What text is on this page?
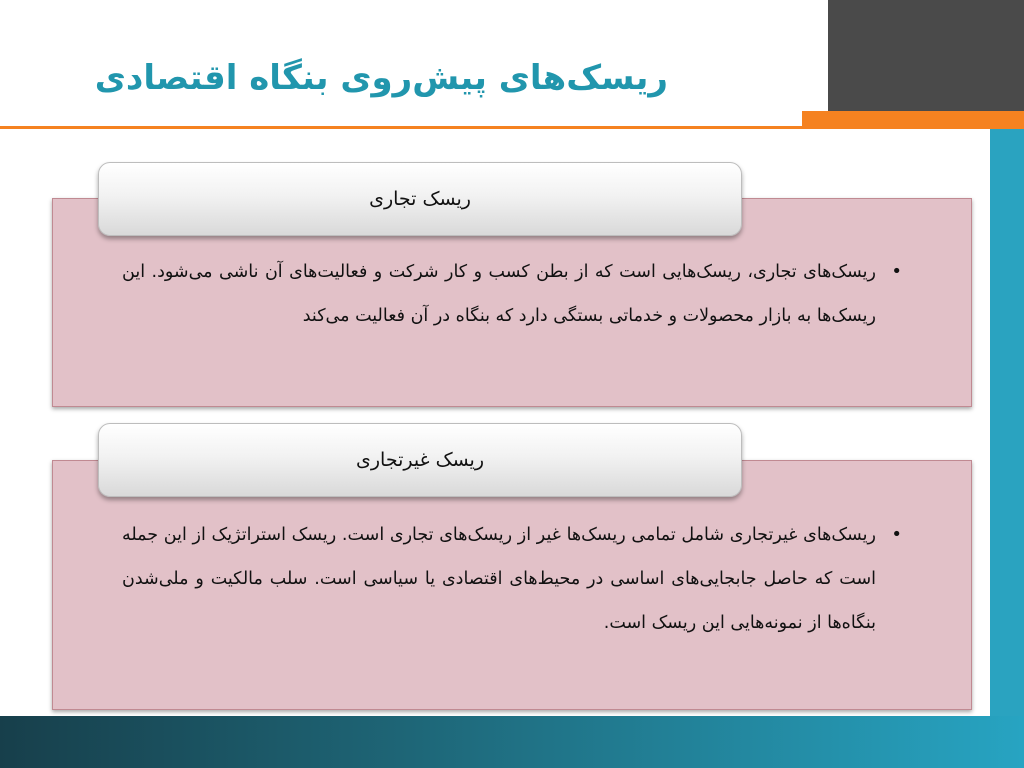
ریسک‌های پیش‌روی بنگاه اقتصادی
ریسک تجاری

•
ریسک‌های تجاری، ریسک‌هایی است که از بطن کسب و کار شرکت و فعالیت‌های آن ناشی می‌شود. این ریسک‌ها به بازار محصولات و خدماتی بستگی دارد که بنگاه در آن فعالیت می‌کند

ریسک غیرتجاری

•
ریسک‌های غیرتجاری شامل تمامی ریسک‌ها غیر از ریسک‌های تجاری است. ریسک استراتژیک از این جمله است که حاصل جابجایی‌های اساسی در محیط‌های اقتصادی یا سیاسی است. سلب مالکیت و ملی‌شدن بنگاه‌ها از نمونه‌هایی این ریسک است.
